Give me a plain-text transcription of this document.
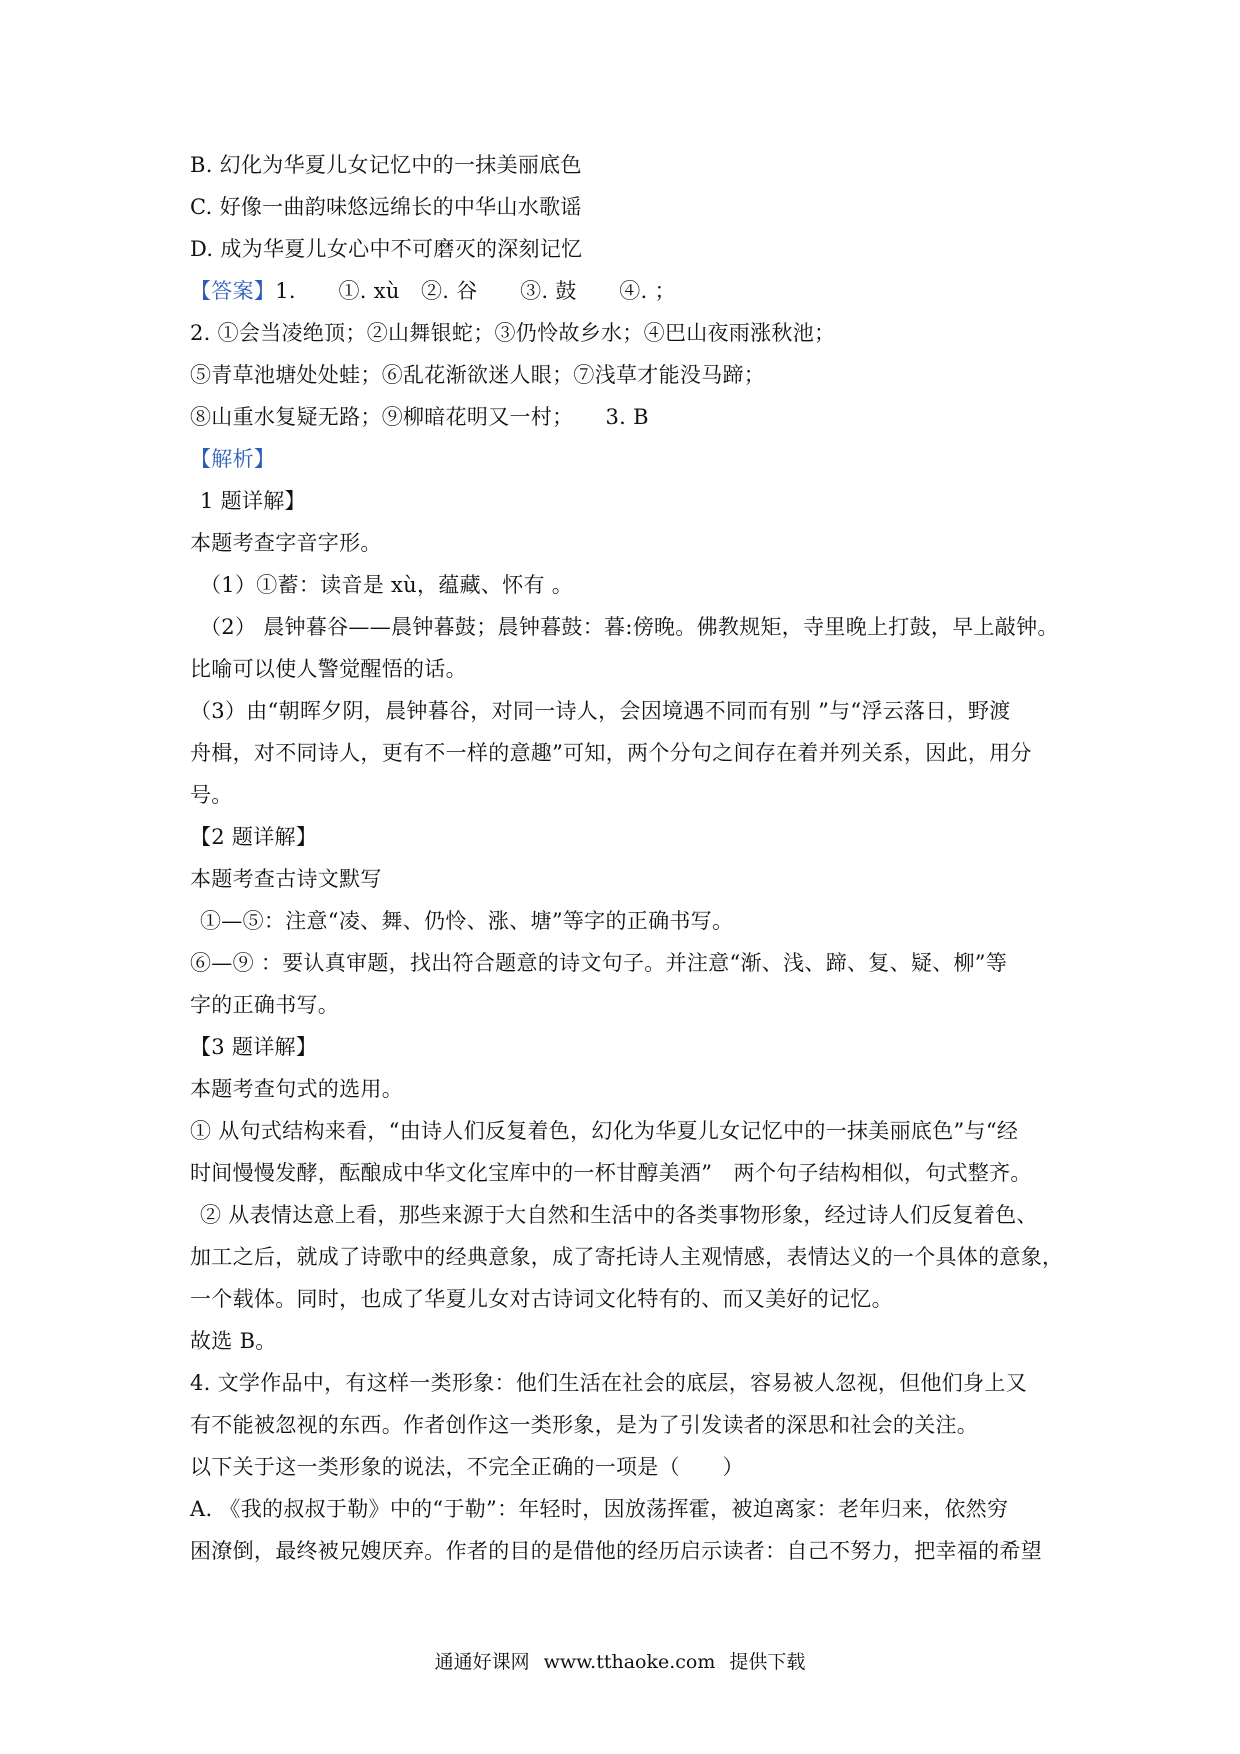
B. 幻化为华夏儿女记忆中的一抹美丽底色
C. 好像一曲韵味悠远绵长的中华山水歌谣
D. 成为华夏儿女心中不可磨灭的深刻记忆
【答案】1.　　①. xù　②. 谷　　③. 鼓　　④. ；
2. ①会当凌绝顶；②山舞银蛇；③仍怜故乡水；④巴山夜雨涨秋池；
⑤青草池塘处处蛙；⑥乱花渐欲迷人眼；⑦浅草才能没马蹄；
⑧山重水复疑无路；⑨柳暗花明又一村；　　3. B
【解析】
1 题详解】
本题考查字音字形。
（1）①蓄：读音是 xù，蕴藏、怀有 。
（2） 晨钟暮谷——晨钟暮鼓；晨钟暮鼓：暮:傍晚。佛教规矩，寺里晚上打鼓，早上敲钟。
比喻可以使人警觉醒悟的话。
（3）由“朝晖夕阴，晨钟暮谷，对同一诗人，会因境遇不同而有别 ”与“浮云落日，野渡
舟楫，对不同诗人，更有不一样的意趣”可知，两个分句之间存在着并列关系，因此，用分
号。
【2 题详解】
本题考查古诗文默写
①—⑤：注意“凌、舞、仍怜、涨、塘”等字的正确书写。
⑥—⑨ ：要认真审题，找出符合题意的诗文句子。并注意“渐、浅、蹄、复、疑、柳”等
字的正确书写。
【3 题详解】
本题考查句式的选用。
① 从句式结构来看，“由诗人们反复着色，幻化为华夏儿女记忆中的一抹美丽底色”与“经
时间慢慢发酵，酝酿成中华文化宝库中的一杯甘醇美酒”　两个句子结构相似，句式整齐。
② 从表情达意上看，那些来源于大自然和生活中的各类事物形象，经过诗人们反复着色、
加工之后，就成了诗歌中的经典意象，成了寄托诗人主观情感，表情达义的一个具体的意象，
一个载体。同时，也成了华夏儿女对古诗词文化特有的、而又美好的记忆。
故选 B。
4. 文学作品中，有这样一类形象：他们生活在社会的底层，容易被人忽视，但他们身上又
有不能被忽视的东西。作者创作这一类形象，是为了引发读者的深思和社会的关注。
以下关于这一类形象的说法，不完全正确的一项是（　　）
A. 《我的叔叔于勒》中的“于勒”：年轻时，因放荡挥霍，被迫离家：老年归来，依然穷
困潦倒，最终被兄嫂厌弃。作者的目的是借他的经历启示读者：自己不努力，把幸福的希望
通通好课网 www.tthaoke.com 提供下载
